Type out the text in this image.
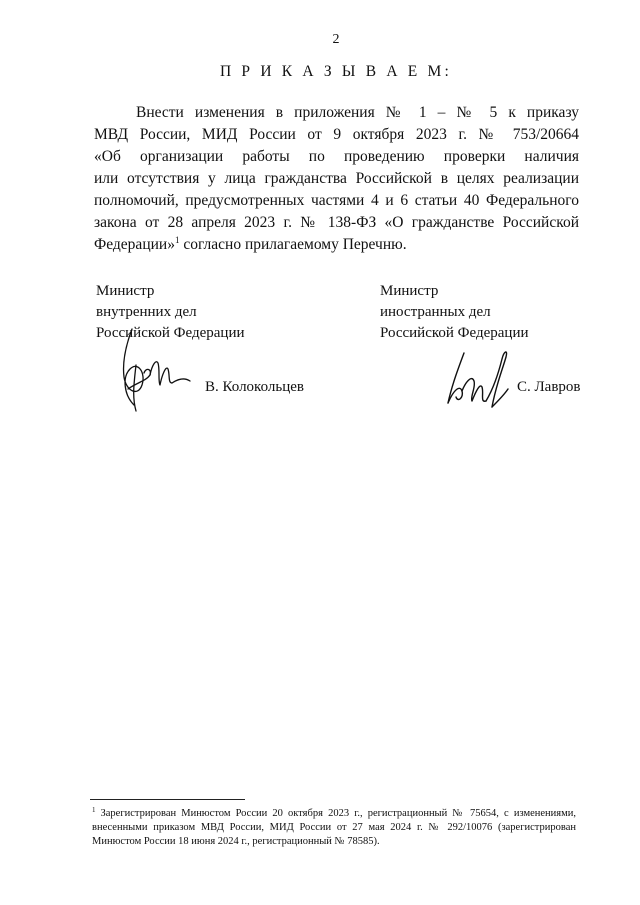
2
П Р И К А З Ы В А Е М:
Внести изменения в приложения № 1 – № 5 к приказу
МВД России, МИД России от 9 октября 2023 г. № 753/20664
«Об организации работы по проведению проверки наличия
или отсутствия у лица гражданства Российской в целях реализации
полномочий, предусмотренных частями 4 и 6 статьи 40 Федерального
закона от 28 апреля 2023 г. № 138-ФЗ «О гражданстве Российской
Федерации»$^1$ согласно прилагаемому Перечню.
Министр
внутренних дел
Российской Федерации
Министр
иностранных дел
Российской Федерации
В. Колокольцев	С. Лавров
$^1$ Зарегистрирован Минюстом России 20 октября 2023 г., регистрационный № 75654, с изменениями,
внесенными приказом МВД России, МИД России от 27 мая 2024 г. № 292/10076 (зарегистрирован
Минюстом России 18 июня 2024 г., регистрационный № 78585).
